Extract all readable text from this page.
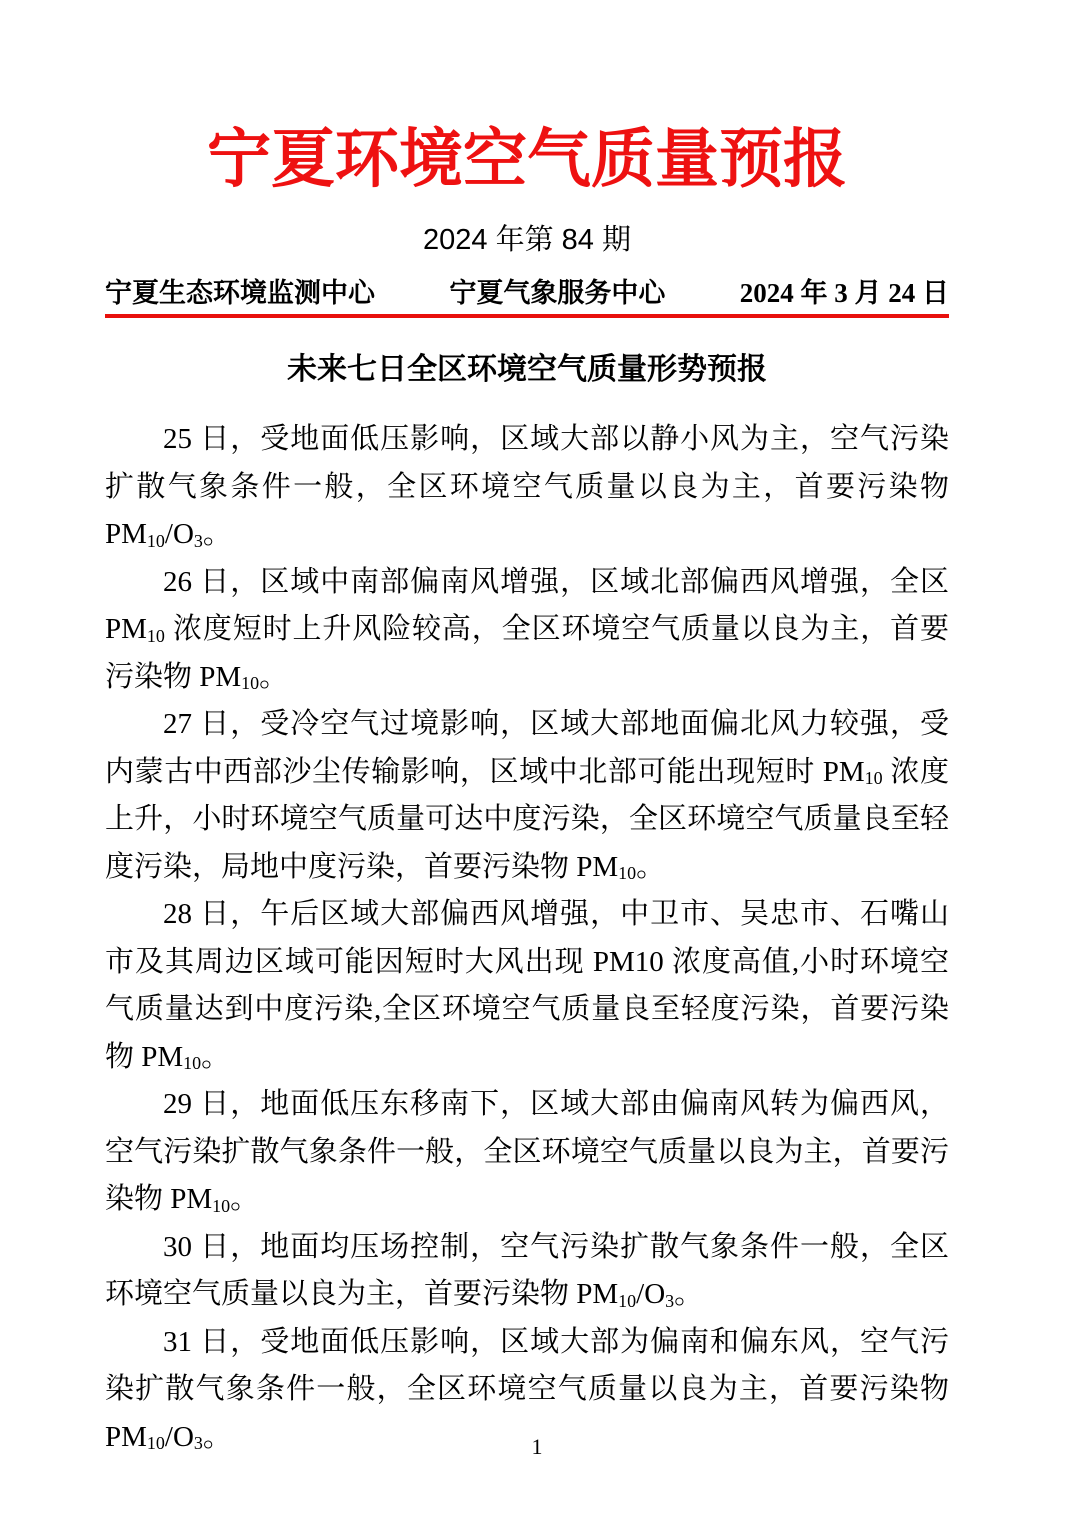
宁夏环境空气质量预报
2024 年第 84 期
宁夏生态环境监测中心	宁夏气象服务中心	2024 年 3 月 24 日
未来七日全区环境空气质量形势预报

25 日，受地面低压影响，区域大部以静小风为主，空气污染扩散气象条件一般，全区环境空气质量以良为主，首要污染物 $PM_{10}/O_3$。

26 日，区域中南部偏南风增强，区域北部偏西风增强，全区 $PM_{10}$ 浓度短时上升风险较高，全区环境空气质量以良为主，首要污染物 $PM_{10}$。

27 日，受冷空气过境影响，区域大部地面偏北风力较强，受内蒙古中西部沙尘传输影响，区域中北部可能出现短时 $PM_{10}$ 浓度上升，小时环境空气质量可达中度污染，全区环境空气质量良至轻度污染，局地中度污染，首要污染物 $PM_{10}$。

28 日，午后区域大部偏西风增强，中卫市、吴忠市、石嘴山市及其周边区域可能因短时大风出现 PM10 浓度高值,小时环境空气质量达到中度污染,全区环境空气质量良至轻度污染，首要污染物 $PM_{10}$。

29 日，地面低压东移南下，区域大部由偏南风转为偏西风，空气污染扩散气象条件一般，全区环境空气质量以良为主，首要污染物 $PM_{10}$。

30 日，地面均压场控制，空气污染扩散气象条件一般，全区环境空气质量以良为主，首要污染物 $PM_{10}/O_3$。

31 日，受地面低压影响，区域大部为偏南和偏东风，空气污染扩散气象条件一般，全区环境空气质量以良为主，首要污染物 $PM_{10}/O_3$。	1
